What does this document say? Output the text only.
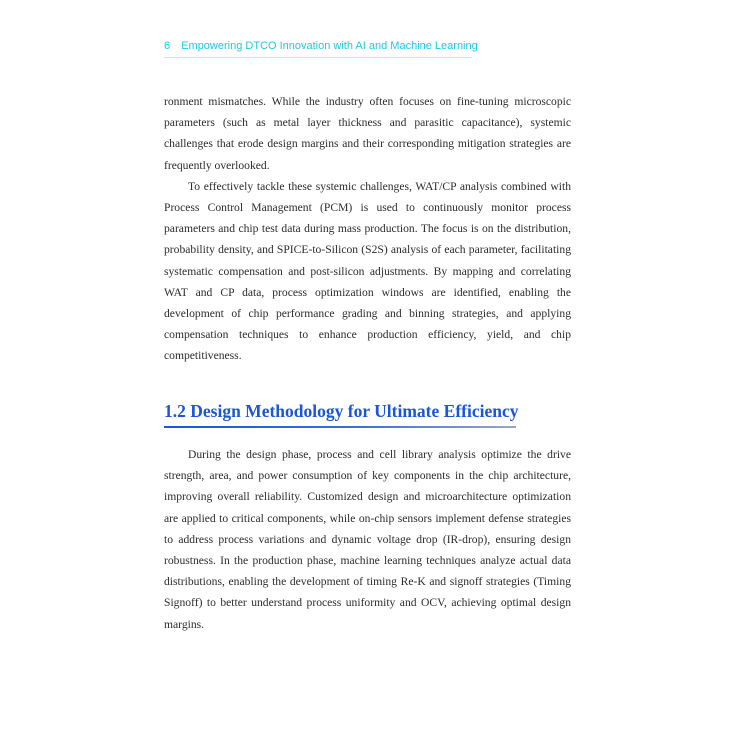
6 Empowering DTCO Innovation with AI and Machine Learning

ronment mismatches. While the industry often focuses on fine-tuning microscopic parameters (such as metal layer thickness and parasitic capacitance), systemic challenges that erode design margins and their corresponding mitigation strategies are frequently overlooked.

To effectively tackle these systemic challenges, WAT/CP analysis combined with Process Control Management (PCM) is used to continuously monitor process parameters and chip test data during mass production. The focus is on the distribution, probability density, and SPICE-to-Silicon (S2S) analysis of each parameter, facilitating systematic compensation and post-silicon adjustments. By mapping and correlating WAT and CP data, process optimization windows are identified, enabling the development of chip performance grading and binning strategies, and applying compensation techniques to enhance production efficiency, yield, and chip competitiveness.

1.2 Design Methodology for Ultimate Efficiency

During the design phase, process and cell library analysis optimize the drive strength, area, and power consumption of key components in the chip architecture, improving overall reliability. Customized design and microarchitecture optimization are applied to critical components, while on-chip sensors implement defense strategies to address process variations and dynamic voltage drop (IR-drop), ensuring design robustness. In the production phase, machine learning techniques analyze actual data distributions, enabling the development of timing Re-K and signoff strategies (Timing Signoff) to better understand process uniformity and OCV, achieving optimal design margins.
